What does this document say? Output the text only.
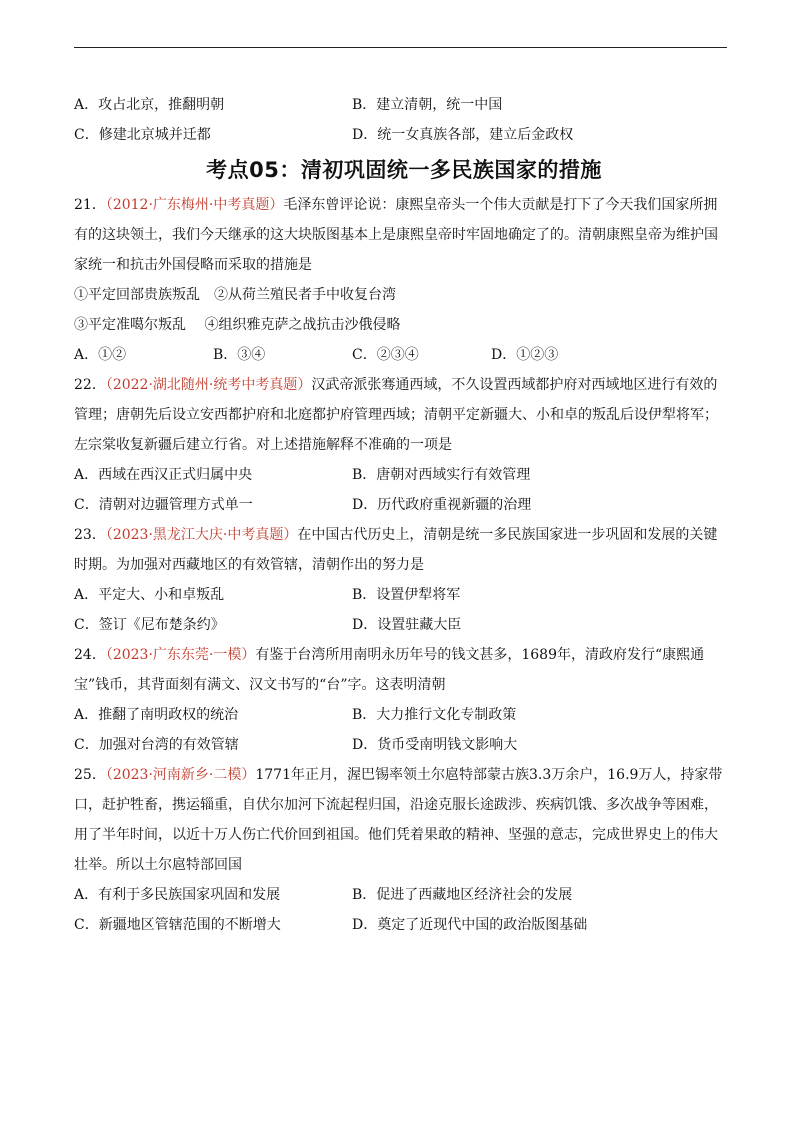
A．攻占北京，推翻明朝	B．建立清朝，统一中国
C．修建北京城并迁都	D．统一女真族各部，建立后金政权
考点05：清初巩固统一多民族国家的措施
21．（2012·广东梅州·中考真题）毛泽东曾评论说：康熙皇帝头一个伟大贡献是打下了今天我们国家所拥
有的这块领土，我们今天继承的这大块版图基本上是康熙皇帝时牢固地确定了的。清朝康熙皇帝为维护国
家统一和抗击外国侵略而采取的措施是
①平定回部贵族叛乱　②从荷兰殖民者手中收复台湾
③平定准噶尔叛乱　 ④组织雅克萨之战抗击沙俄侵略
A．①②	B．③④	C．②③④	D．①②③
22．（2022·湖北随州·统考中考真题）汉武帝派张骞通西域，不久设置西域都护府对西域地区进行有效的
管理；唐朝先后设立安西都护府和北庭都护府管理西域；清朝平定新疆大、小和卓的叛乱后设伊犁将军；
左宗棠收复新疆后建立行省。对上述措施解释不准确的一项是
A．西域在西汉正式归属中央	B．唐朝对西域实行有效管理
C．清朝对边疆管理方式单一	D．历代政府重视新疆的治理
23．（2023·黑龙江大庆·中考真题）在中国古代历史上，清朝是统一多民族国家进一步巩固和发展的关键
时期。为加强对西藏地区的有效管辖，清朝作出的努力是
A．平定大、小和卓叛乱	B．设置伊犁将军
C．签订《尼布楚条约》	D．设置驻藏大臣
24．（2023·广东东莞·一模）有鉴于台湾所用南明永历年号的钱文甚多，1689年，清政府发行“康熙通
宝”钱币，其背面刻有满文、汉文书写的“台”字。这表明清朝
A．推翻了南明政权的统治	B．大力推行文化专制政策
C．加强对台湾的有效管辖	D．货币受南明钱文影响大
25．（2023·河南新乡·二模）1771年正月，渥巴锡率领土尔扈特部蒙古族3.3万余户，16.9万人，持家带
口，赶护牲畜，携运辎重，自伏尔加河下流起程归国，沿途克服长途跋涉、疾病饥饿、多次战争等困难，
用了半年时间，以近十万人伤亡代价回到祖国。他们凭着果敢的精神、坚强的意志，完成世界史上的伟大
壮举。所以土尔扈特部回国
A．有利于多民族国家巩固和发展	B．促进了西藏地区经济社会的发展
C．新疆地区管辖范围的不断增大	D．奠定了近现代中国的政治版图基础
